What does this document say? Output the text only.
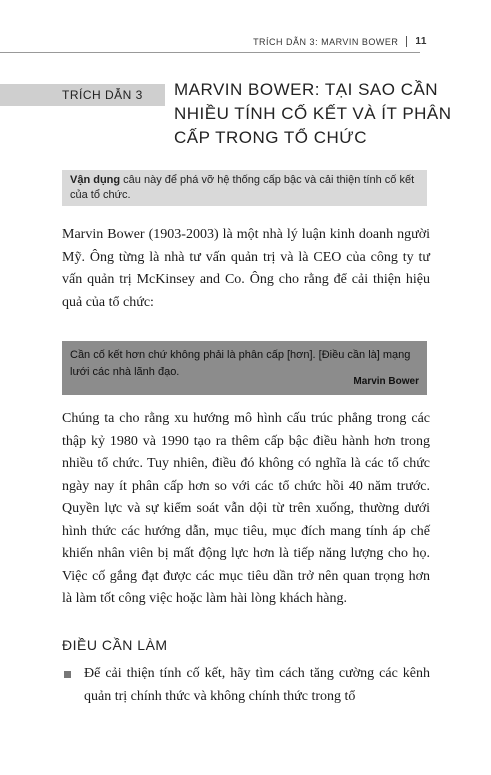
TRÍCH DẪN 3: MARVIN BOWER 11
TRÍCH DẪN 3	MARVIN BOWER: TẠI SAO CẦN NHIỀU TÍNH CỐ KẾT VÀ ÍT PHÂN CẤP TRONG TỔ CHỨC
Vận dụng câu này để phá vỡ hệ thống cấp bậc và cải thiện tính cố kết của tổ chức.
Marvin Bower (1903-2003) là một nhà lý luận kinh doanh người Mỹ. Ông từng là nhà tư vấn quản trị và là CEO của công ty tư vấn quản trị McKinsey and Co. Ông cho rằng để cải thiện hiệu quả của tổ chức:
Cần cố kết hơn chứ không phải là phân cấp [hơn]. [Điều cần là] mạng lưới các nhà lãnh đạo.
Marvin Bower
Chúng ta cho rằng xu hướng mô hình cấu trúc phẳng trong các thập kỷ 1980 và 1990 tạo ra thêm cấp bậc điều hành hơn trong nhiều tổ chức. Tuy nhiên, điều đó không có nghĩa là các tổ chức ngày nay ít phân cấp hơn so với các tổ chức hồi 40 năm trước. Quyền lực và sự kiểm soát vẫn dội từ trên xuống, thường dưới hình thức các hướng dẫn, mục tiêu, mục đích mang tính áp chế khiến nhân viên bị mất động lực hơn là tiếp năng lượng cho họ. Việc cố gắng đạt được các mục tiêu dần trở nên quan trọng hơn là làm tốt công việc hoặc làm hài lòng khách hàng.
ĐIỀU CẦN LÀM
Để cải thiện tính cố kết, hãy tìm cách tăng cường các kênh quản trị chính thức và không chính thức trong tổ
